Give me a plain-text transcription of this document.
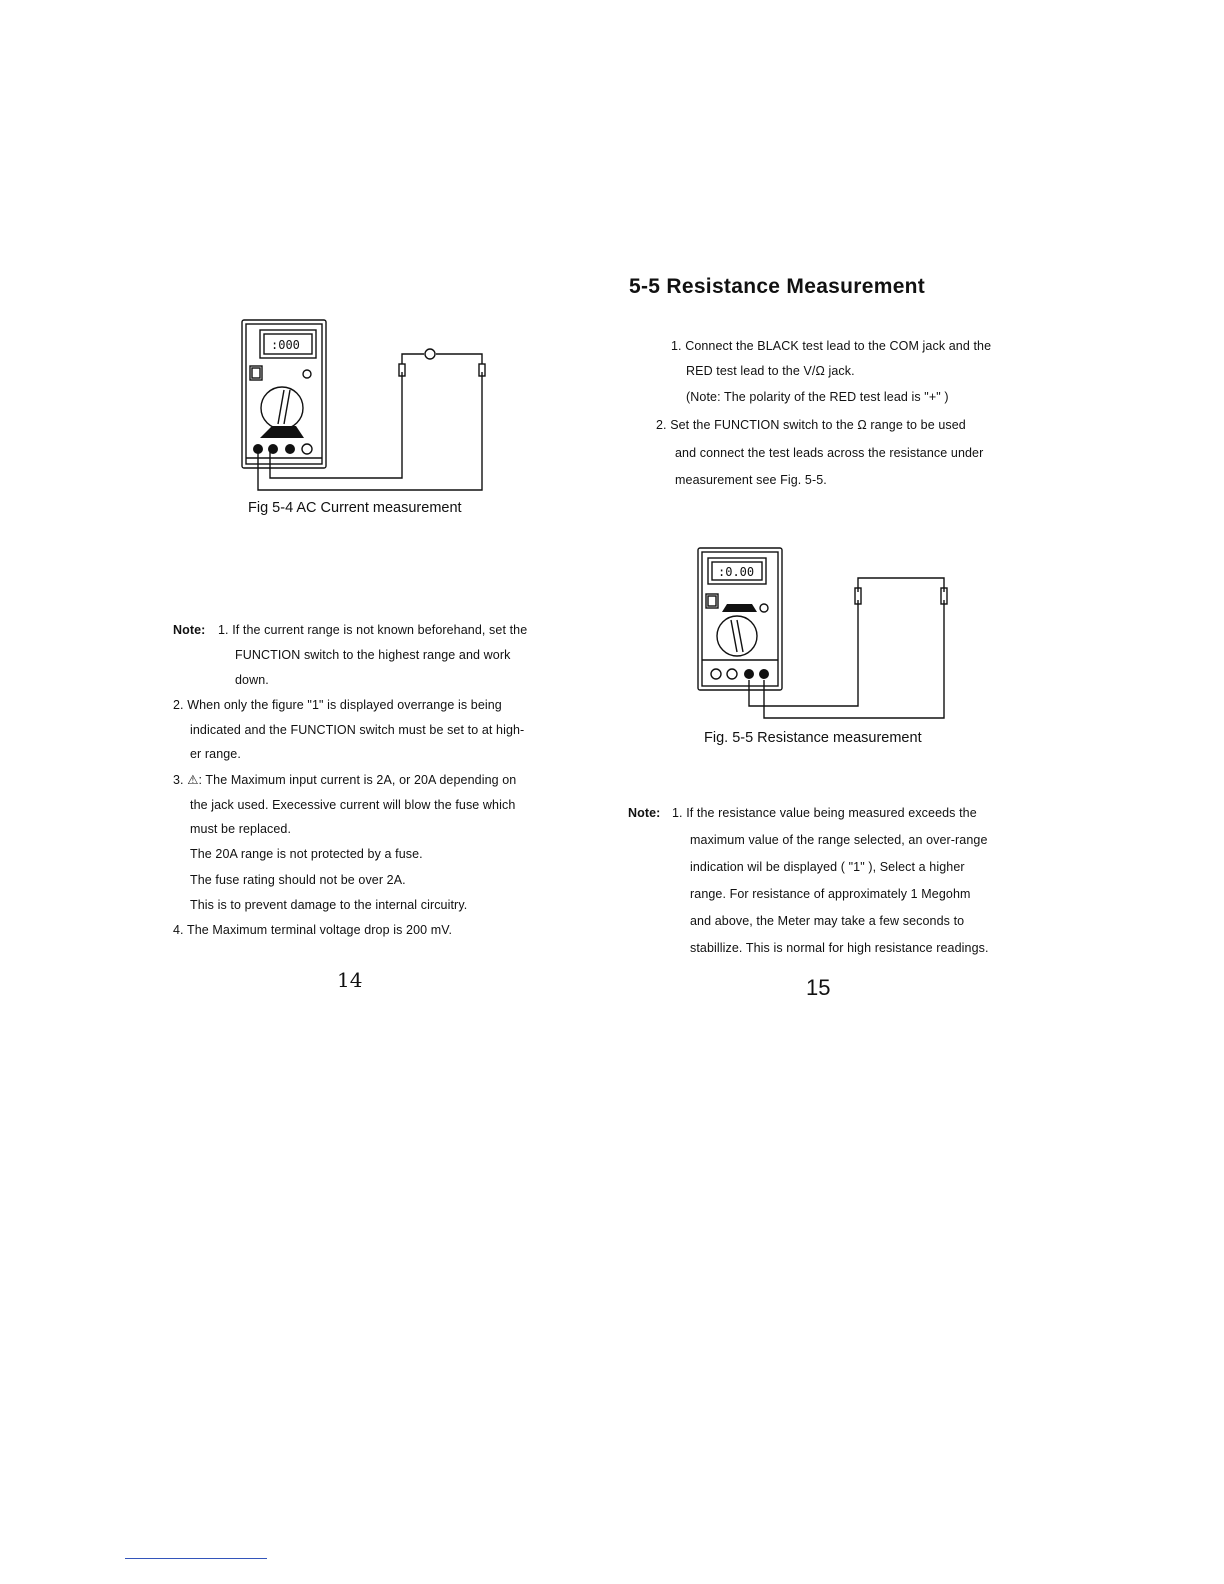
:000
Fig 5-4 AC Current measurement
Note: 1. If the current range is not known beforehand, set the
FUNCTION switch to the highest range and work
down.
2. When only the figure "1" is displayed overrange is being
indicated and the FUNCTION switch must be set to at high-
er range.
3. ⚠: The Maximum input current is 2A, or 20A depending on
the jack used. Execessive current will blow the fuse which
must be replaced.
The 20A range is not protected by a fuse.
The fuse rating should not be over 2A.
This is to prevent damage to the internal circuitry.
4. The Maximum terminal voltage drop is 200 mV.
14
5-5 Resistance Measurement
1. Connect the BLACK test lead to the COM jack and the
RED test lead to the V/Ω jack.
(Note: The polarity of the RED test lead is "+" )
2. Set the FUNCTION switch to the Ω range to be used
and connect the test leads across the resistance under
measurement see Fig. 5-5.
:0.00
Fig. 5-5 Resistance measurement
Note: 1. If the resistance value being measured exceeds the
maximum value of the range selected, an over-range
indication wil be displayed ( "1" ), Select a higher
range. For resistance of approximately 1 Megohm
and above, the Meter may take a few seconds to
stabillize. This is normal for high resistance readings.
15
